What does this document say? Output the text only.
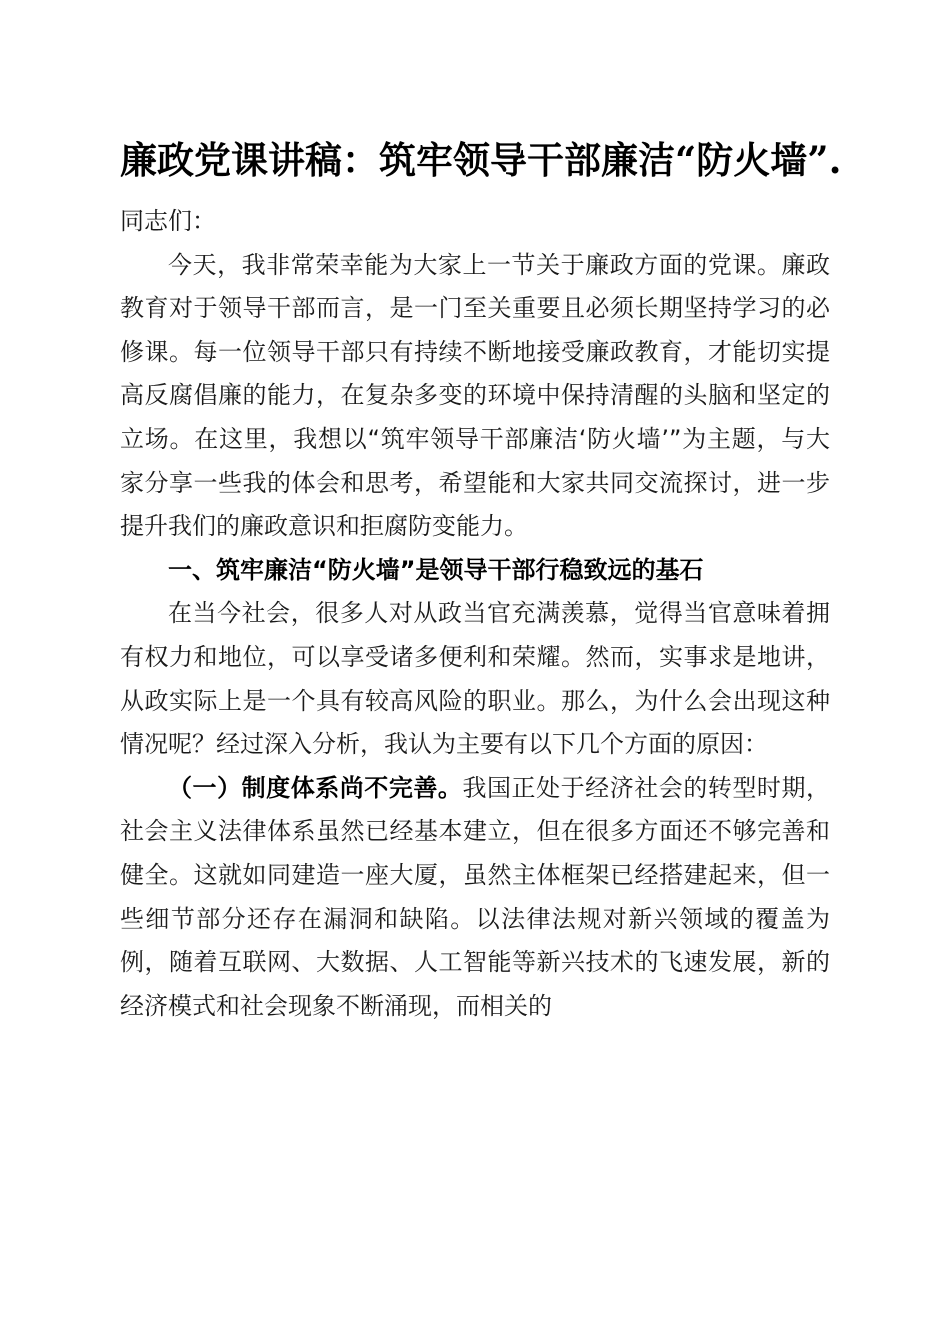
廉政党课讲稿：筑牢领导干部廉洁“防火墙”.

同志们：

今天，我非常荣幸能为大家上一节关于廉政方面的党课。廉政教育对于领导干部而言，是一门至关重要且必须长期坚持学习的必修课。每一位领导干部只有持续不断地接受廉政教育，才能切实提高反腐倡廉的能力，在复杂多变的环境中保持清醒的头脑和坚定的立场。在这里，我想以“筑牢领导干部廉洁‘防火墙’”为主题，与大家分享一些我的体会和思考，希望能和大家共同交流探讨，进一步提升我们的廉政意识和拒腐防变能力。

一、筑牢廉洁“防火墙”是领导干部行稳致远的基石

在当今社会，很多人对从政当官充满羡慕，觉得当官意味着拥有权力和地位，可以享受诸多便利和荣耀。然而，实事求是地讲，从政实际上是一个具有较高风险的职业。那么，为什么会出现这种情况呢？经过深入分析，我认为主要有以下几个方面的原因：

（一）制度体系尚不完善。我国正处于经济社会的转型时期，社会主义法律体系虽然已经基本建立，但在很多方面还不够完善和健全。这就如同建造一座大厦，虽然主体框架已经搭建起来，但一些细节部分还存在漏洞和缺陷。以法律法规对新兴领域的覆盖为例，随着互联网、大数据、人工智能等新兴技术的飞速发展，新的经济模式和社会现象不断涌现，而相关的
